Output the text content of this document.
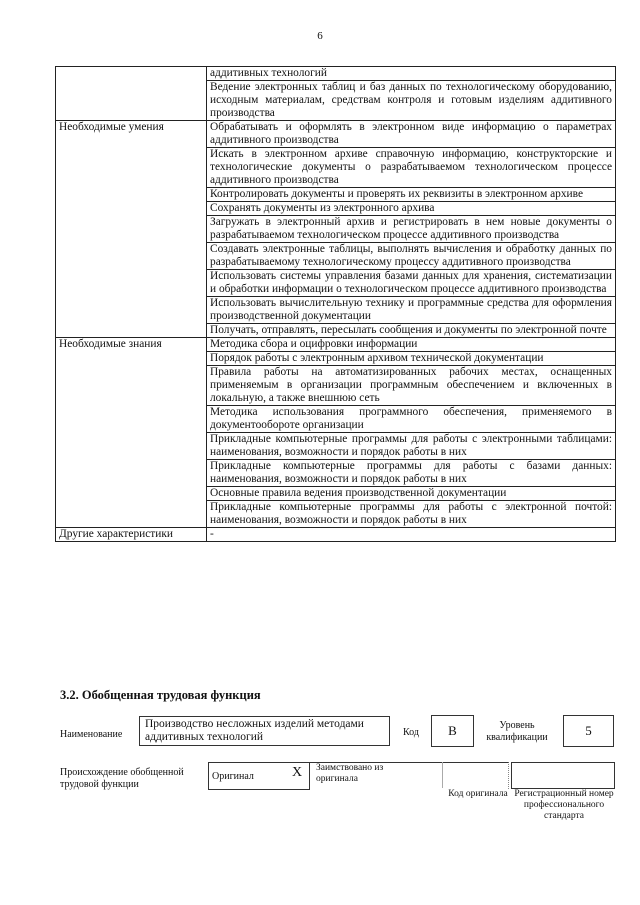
6
	аддитивных технологий
	Ведение электронных таблиц и баз данных по технологическому оборудованию, исходным материалам, средствам контроля и готовым изделиям аддитивного производства
Необходимые умения	Обрабатывать и оформлять в электронном виде информацию о параметрах аддитивного производства
	Искать в электронном архиве справочную информацию, конструкторские и технологические документы о разрабатываемом технологическом процессе аддитивного производства
	Контролировать документы и проверять их реквизиты в электронном архиве
	Сохранять документы из электронного архива
	Загружать в электронный архив и регистрировать в нем новые документы о разрабатываемом технологическом процессе аддитивного производства
	Создавать электронные таблицы, выполнять вычисления и обработку данных по разрабатываемому технологическому процессу аддитивного производства
	Использовать системы управления базами данных для хранения, систематизации и обработки информации о технологическом процессе аддитивного производства
	Использовать вычислительную технику и программные средства для оформления производственной документации
	Получать, отправлять, пересылать сообщения и документы по электронной почте
Необходимые знания	Методика сбора и оцифровки информации
	Порядок работы с электронным архивом технической документации
	Правила работы на автоматизированных рабочих местах, оснащенных применяемым в организации программным обеспечением и включенных в локальную, а также внешнюю сеть
	Методика использования программного обеспечения, применяемого в документообороте организации
	Прикладные компьютерные программы для работы с электронными таблицами: наименования, возможности и порядок работы в них
	Прикладные компьютерные программы для работы с базами данных: наименования, возможности и порядок работы в них
	Основные правила ведения производственной документации
	Прикладные компьютерные программы для работы с электронной почтой: наименования, возможности и порядок работы в них
Другие характеристики	-
3.2. Обобщенная трудовая функция
Наименование
Производство несложных изделий методами аддитивных технологий	Код	B	Уровень квалификации	5
Происхождение обобщенной трудовой функции
Оригинал	X Заимствовано из оригинала
Код оригинала Регистрационный номер профессионального стандарта
